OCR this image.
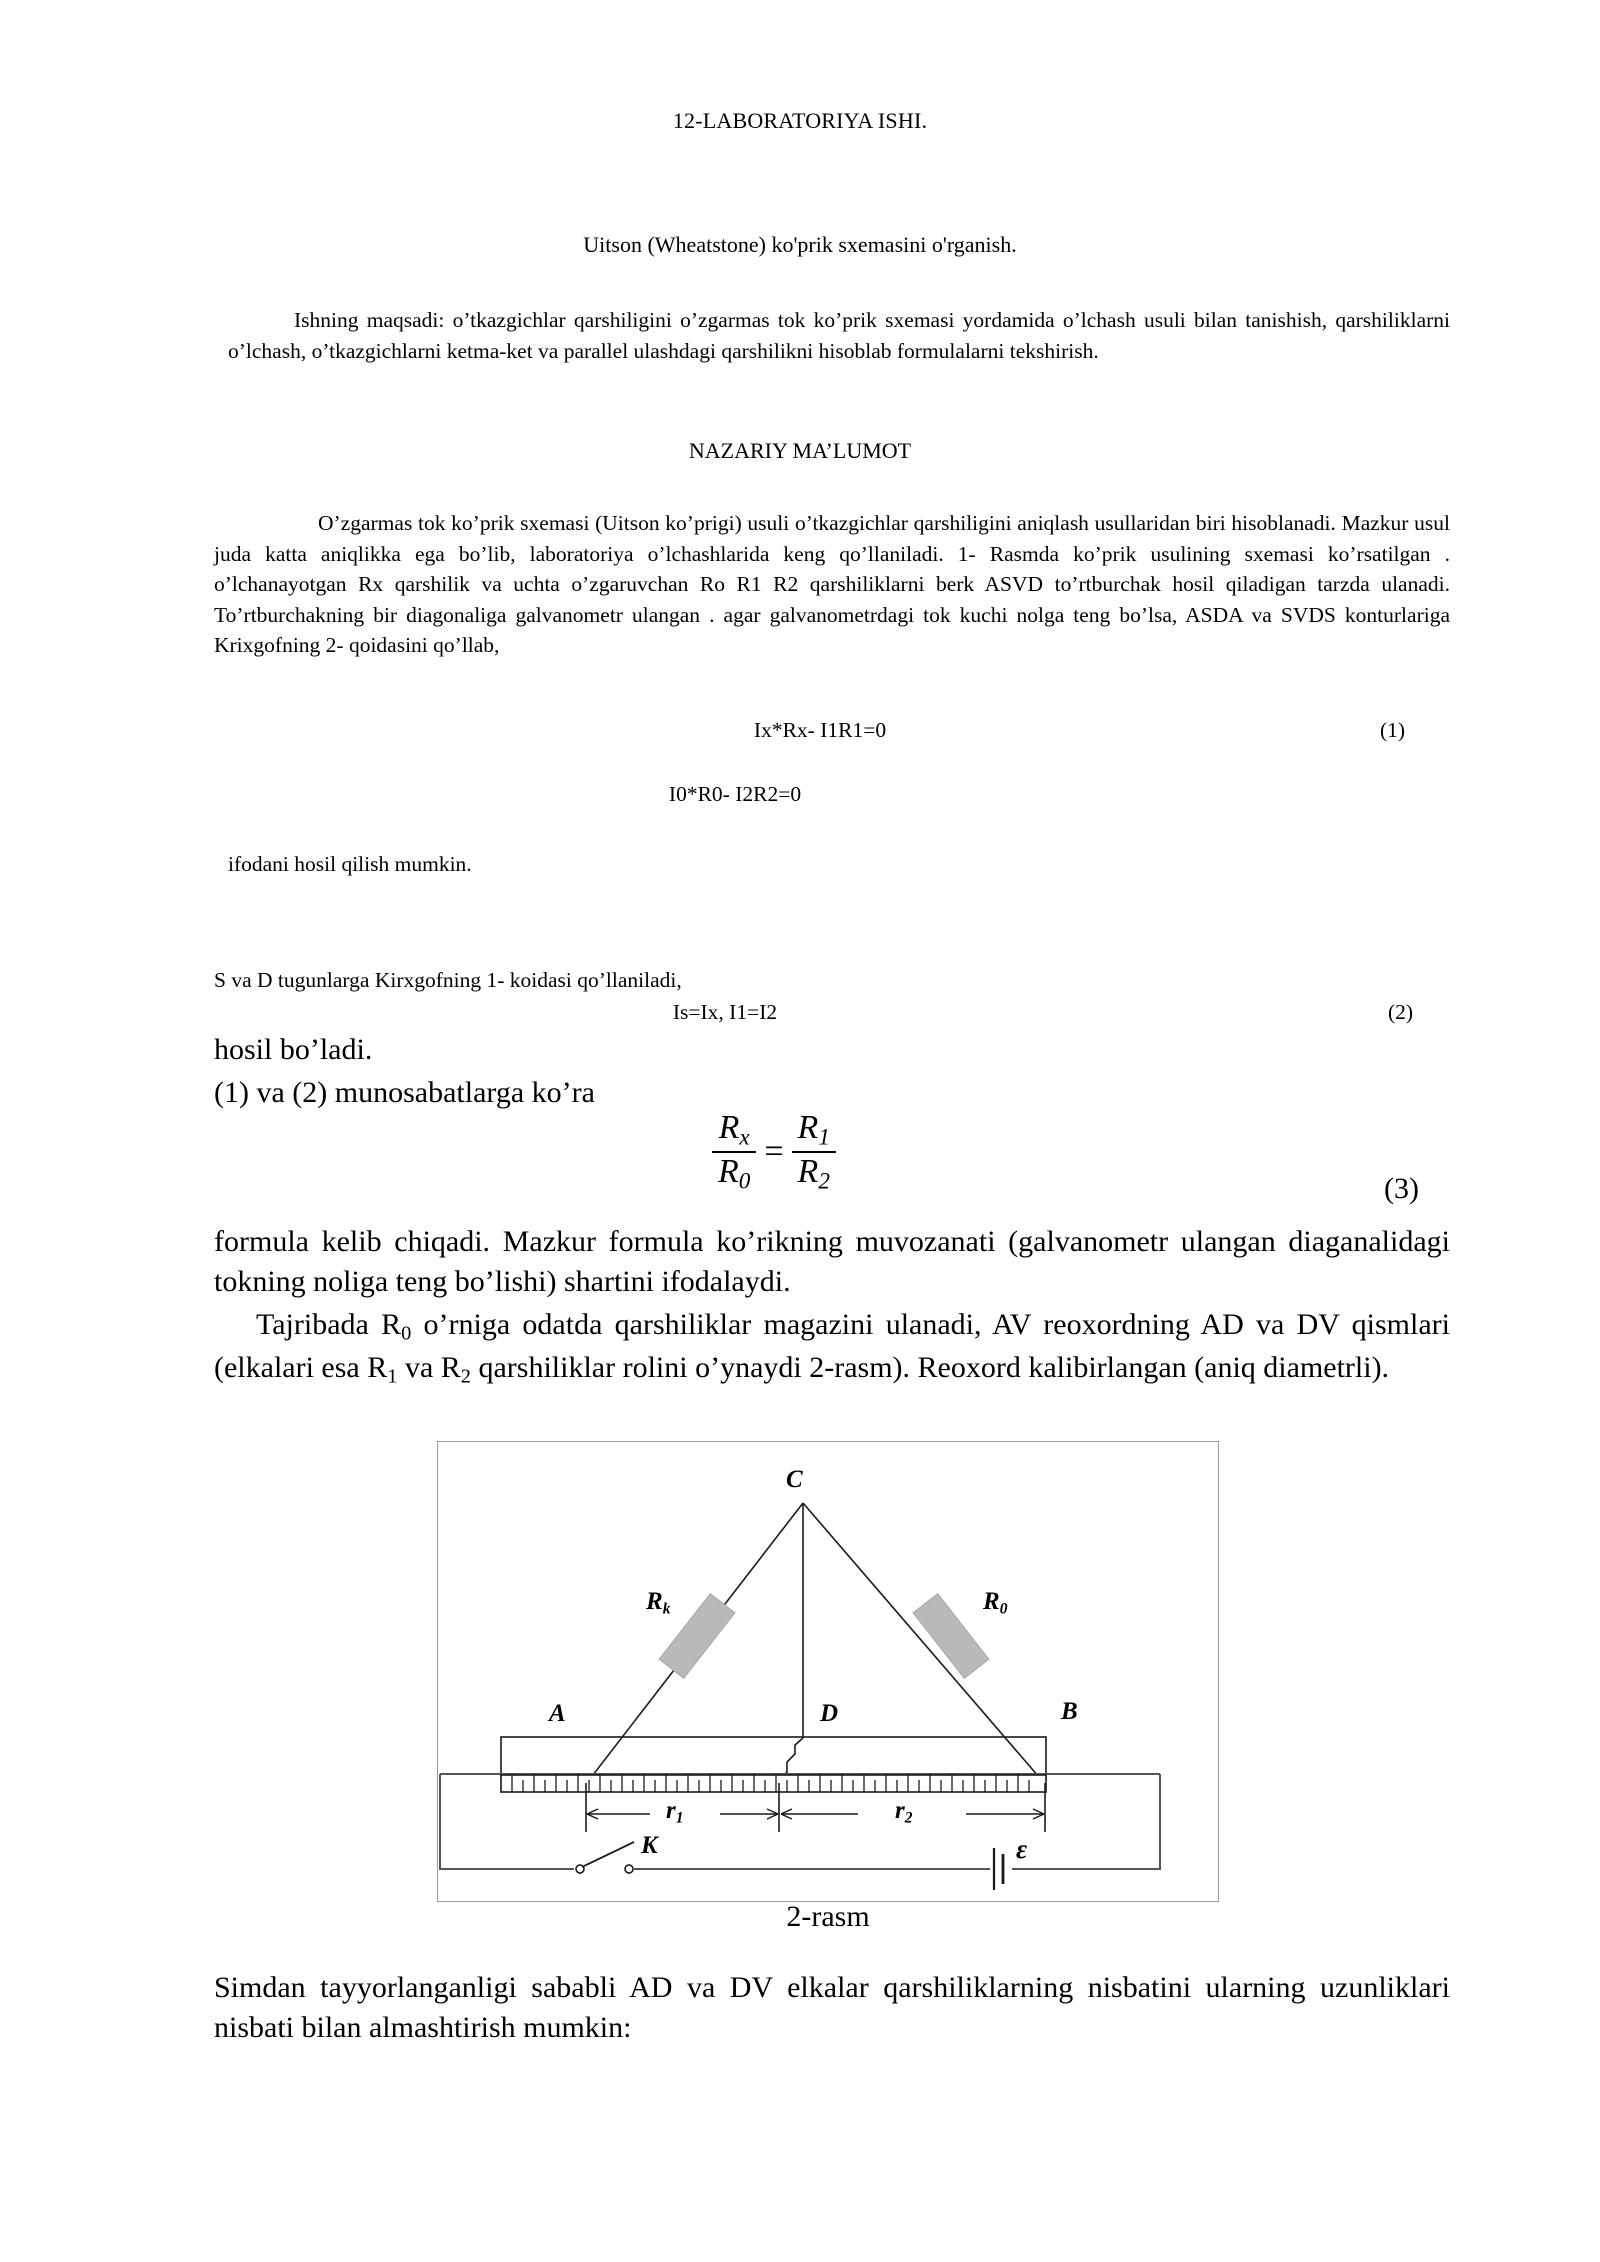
12-LABORATORIYA ISHI.
Uitson (Wheatstone) ko'prik sxemasini o'rganish.
Ishning maqsadi: o’tkazgichlar qarshiligini o’zgarmas tok ko’prik sxemasi yordamida o’lchash usuli bilan tanishish, qarshiliklarni o’lchash, o’tkazgichlarni ketma-ket va parallel ulashdagi qarshilikni hisoblab formulalarni tekshirish.
NAZARIY MA’LUMOT
O’zgarmas tok ko’prik sxemasi (Uitson ko’prigi) usuli o’tkazgichlar qarshiligini aniqlash usullaridan biri hisoblanadi. Mazkur usul juda katta aniqlikka ega bo’lib, laboratoriya o’lchashlarida keng qo’llaniladi. 1- Rasmda ko’prik usulining sxemasi ko’rsatilgan . o’lchanayotgan Rx qarshilik va uchta o’zgaruvchan Ro R1 R2 qarshiliklarni berk ASVD to’rtburchak hosil qiladigan tarzda ulanadi. To’rtburchakning bir diagonaliga galvanometr ulangan . agar galvanometrdagi tok kuchi nolga teng bo’lsa, ASDA va SVDS konturlariga Krixgofning 2- qoidasini qo’llab,
Ix*Rx- I1R1=0	(1)
I0*R0- I2R2=0
ifodani hosil qilish mumkin.
S va D tugunlarga Kirxgofning 1- koidasi qo’llaniladi,
Is=Ix, I1=I2	(2)
hosil bo’ladi.
(1) va (2) munosabatlarga ko’ra
$\frac{R_x}{R_0} = \frac{R_1}{R_2}$	(3)
formula kelib chiqadi. Mazkur formula ko’rikning muvozanati (galvanometr ulangan diaganalidagi tokning noliga teng bo’lishi) shartini ifodalaydi.
Tajribada $R_0$ o’rniga odatda qarshiliklar magazini ulanadi, AV reoxordning AD va DV qismlari (elkalari esa $R_1$ va $R_2$ qarshiliklar rolini o’ynaydi 2-rasm). Reoxord kalibirlangan (aniq diametrli).
C
$R_k$	$R_0$
A	D	B
$r_1$	$r_2$
K	ε
2-rasm
Simdan tayyorlanganligi sababli AD va DV elkalar qarshiliklarning nisbatini ularning uzunliklari nisbati bilan almashtirish mumkin:
